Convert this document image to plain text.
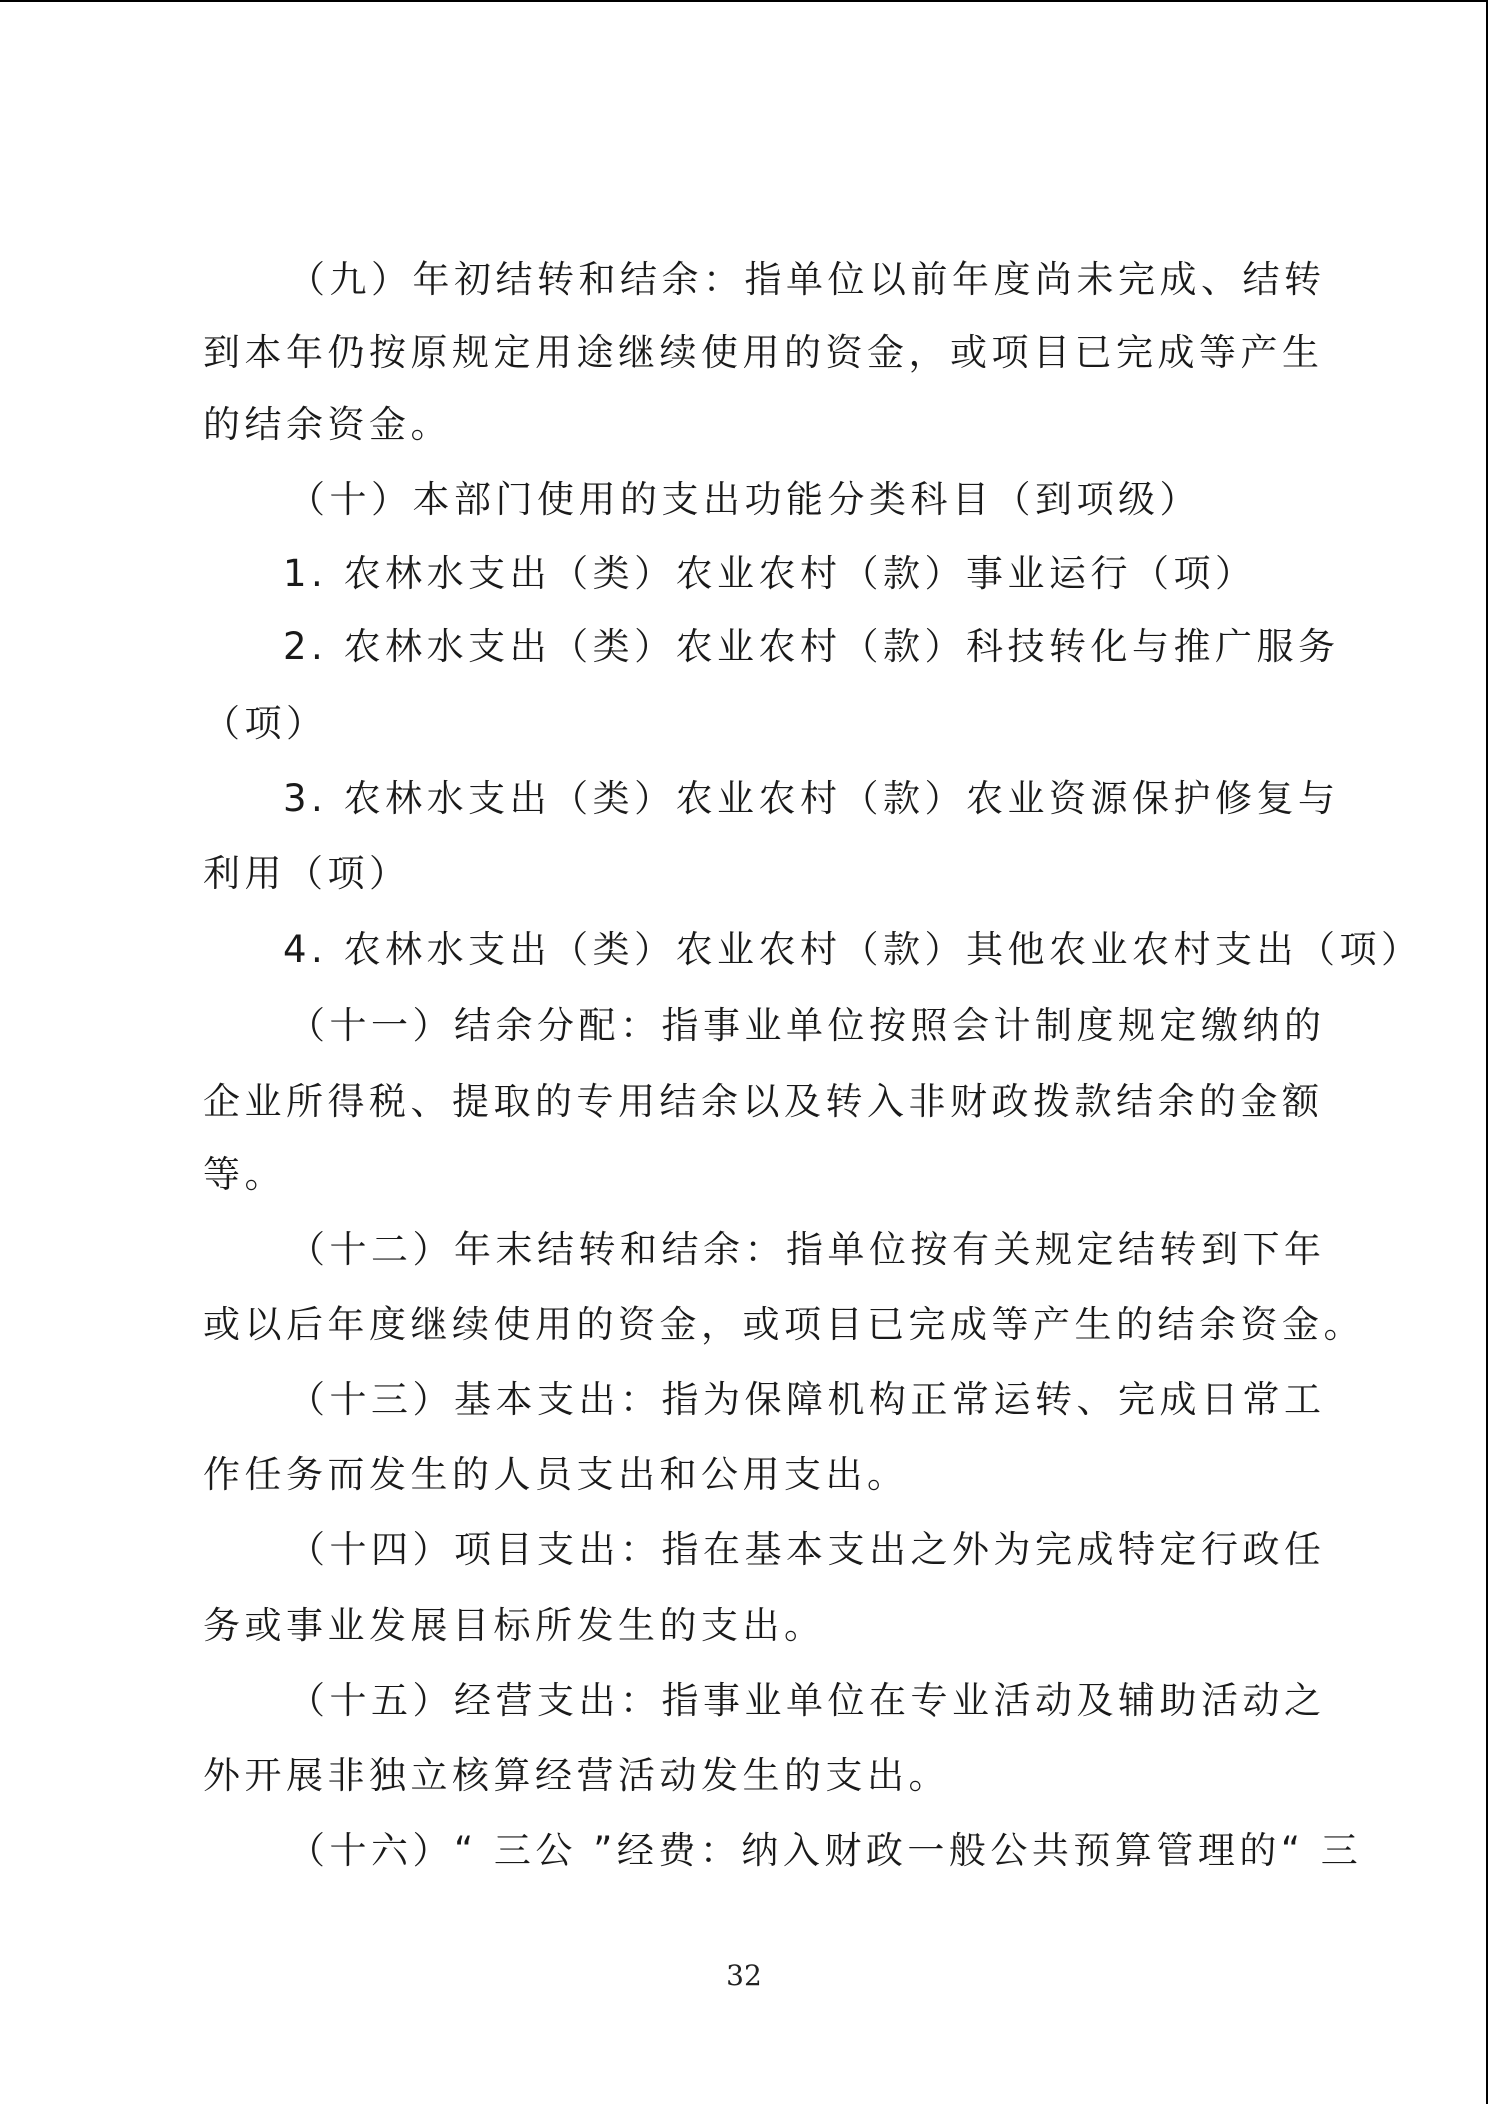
（九）年初结转和结余：指单位以前年度尚未完成、结转
到本年仍按原规定用途继续使用的资金，或项目已完成等产生
的结余资金。
（十）本部门使用的支出功能分类科目（到项级）
1. 农林水支出（类）农业农村（款）事业运行（项）
2. 农林水支出（类）农业农村（款）科技转化与推广服务
（项）
3. 农林水支出（类）农业农村（款）农业资源保护修复与
利用（项）
4. 农林水支出（类）农业农村（款）其他农业农村支出（项）
（十一）结余分配：指事业单位按照会计制度规定缴纳的
企业所得税、提取的专用结余以及转入非财政拨款结余的金额
等。
（十二）年末结转和结余：指单位按有关规定结转到下年
或以后年度继续使用的资金，或项目已完成等产生的结余资金。
（十三）基本支出：指为保障机构正常运转、完成日常工
作任务而发生的人员支出和公用支出。
（十四）项目支出：指在基本支出之外为完成特定行政任
务或事业发展目标所发生的支出。
（十五）经营支出：指事业单位在专业活动及辅助活动之
外开展非独立核算经营活动发生的支出。
（十六）“ 三公 ”经费：纳入财政一般公共预算管理的“ 三
32
